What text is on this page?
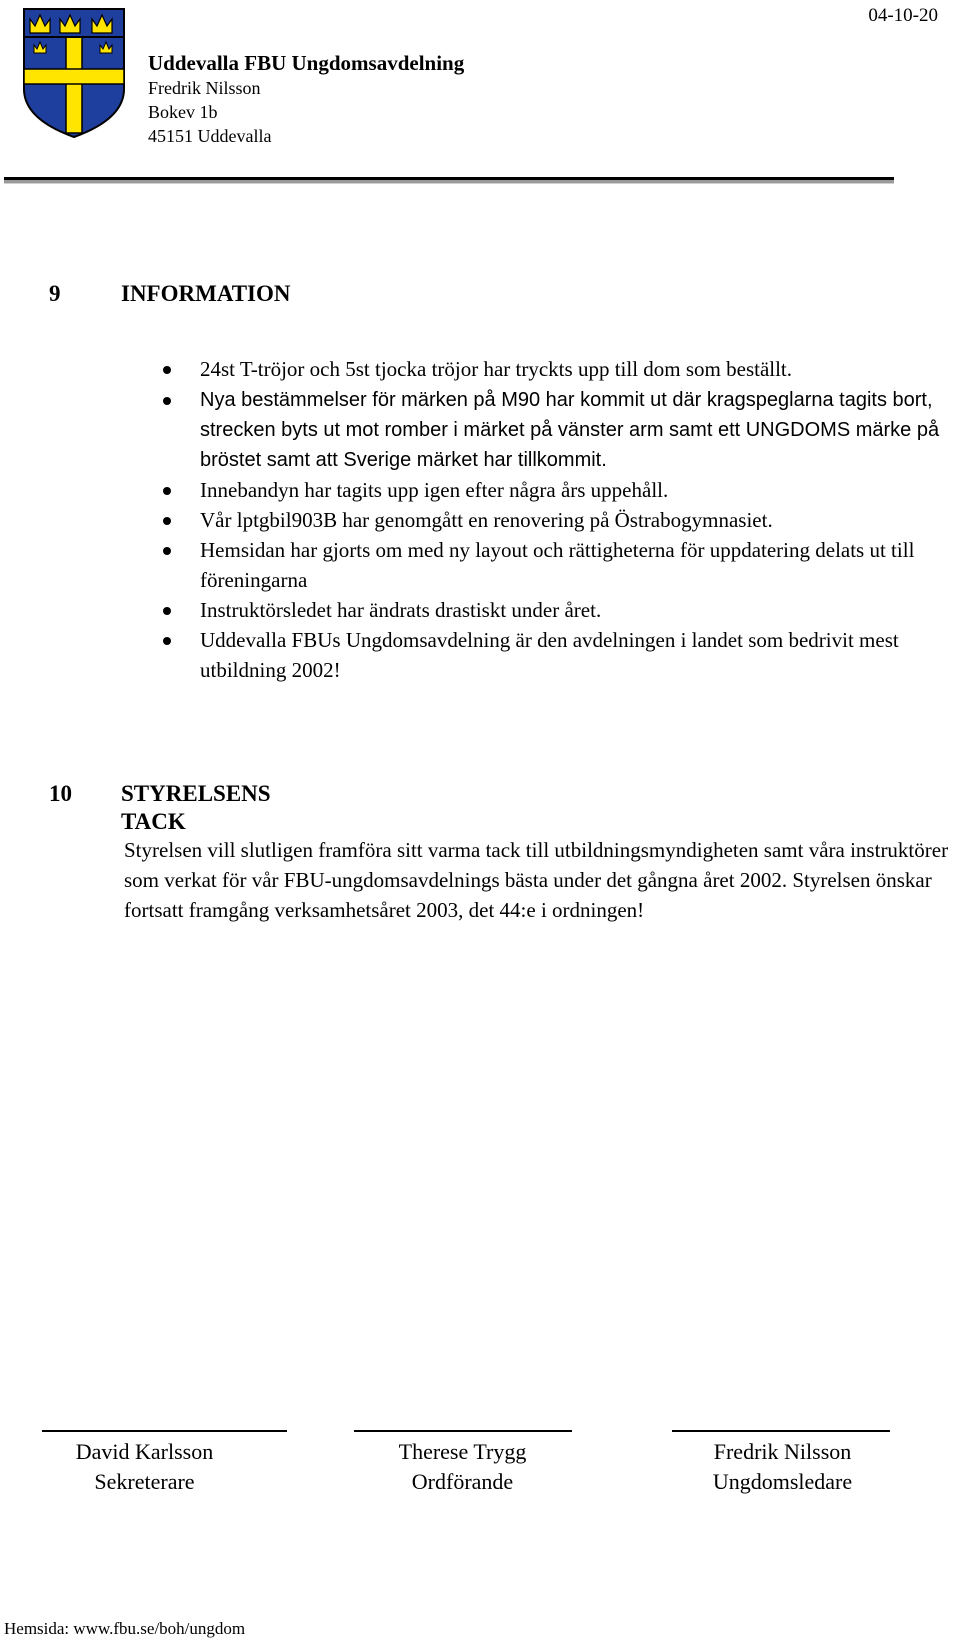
Uddevalla FBU Ungdomsavdelning
Fredrik Nilsson
Bokev 1b
45151 Uddevalla
04-10-20
9	INFORMATION
24st T-tröjor och 5st tjocka tröjor har tryckts upp till dom som beställt.
Nya bestämmelser för märken på M90 har kommit ut där kragspeglarna tagits bort, strecken byts ut mot romber i märket på vänster arm samt ett UNGDOMS märke på bröstet samt att Sverige märket har tillkommit.
Innebandyn har tagits upp igen efter några års uppehåll.
Vår lptgbil903B har genomgått en renovering på Östrabogymnasiet.
Hemsidan har gjorts om med ny layout och rättigheterna för uppdatering delats ut till föreningarna
Instruktörsledet har ändrats drastiskt under året.
Uddevalla FBUs Ungdomsavdelning är den avdelningen i landet som bedrivit mest utbildning 2002!
10 STYRELSENS TACK
Styrelsen vill slutligen framföra sitt varma tack till utbildningsmyndigheten samt våra instruktörer som verkat för vår FBU-ungdomsavdelnings bästa under det gångna året 2002. Styrelsen önskar fortsatt framgång verksamhetsåret 2003, det 44:e i ordningen!
David Karlsson
Sekreterare
Therese Trygg
Ordförande
Fredrik Nilsson
Ungdomsledare
Hemsida: www.fbu.se/boh/ungdom
